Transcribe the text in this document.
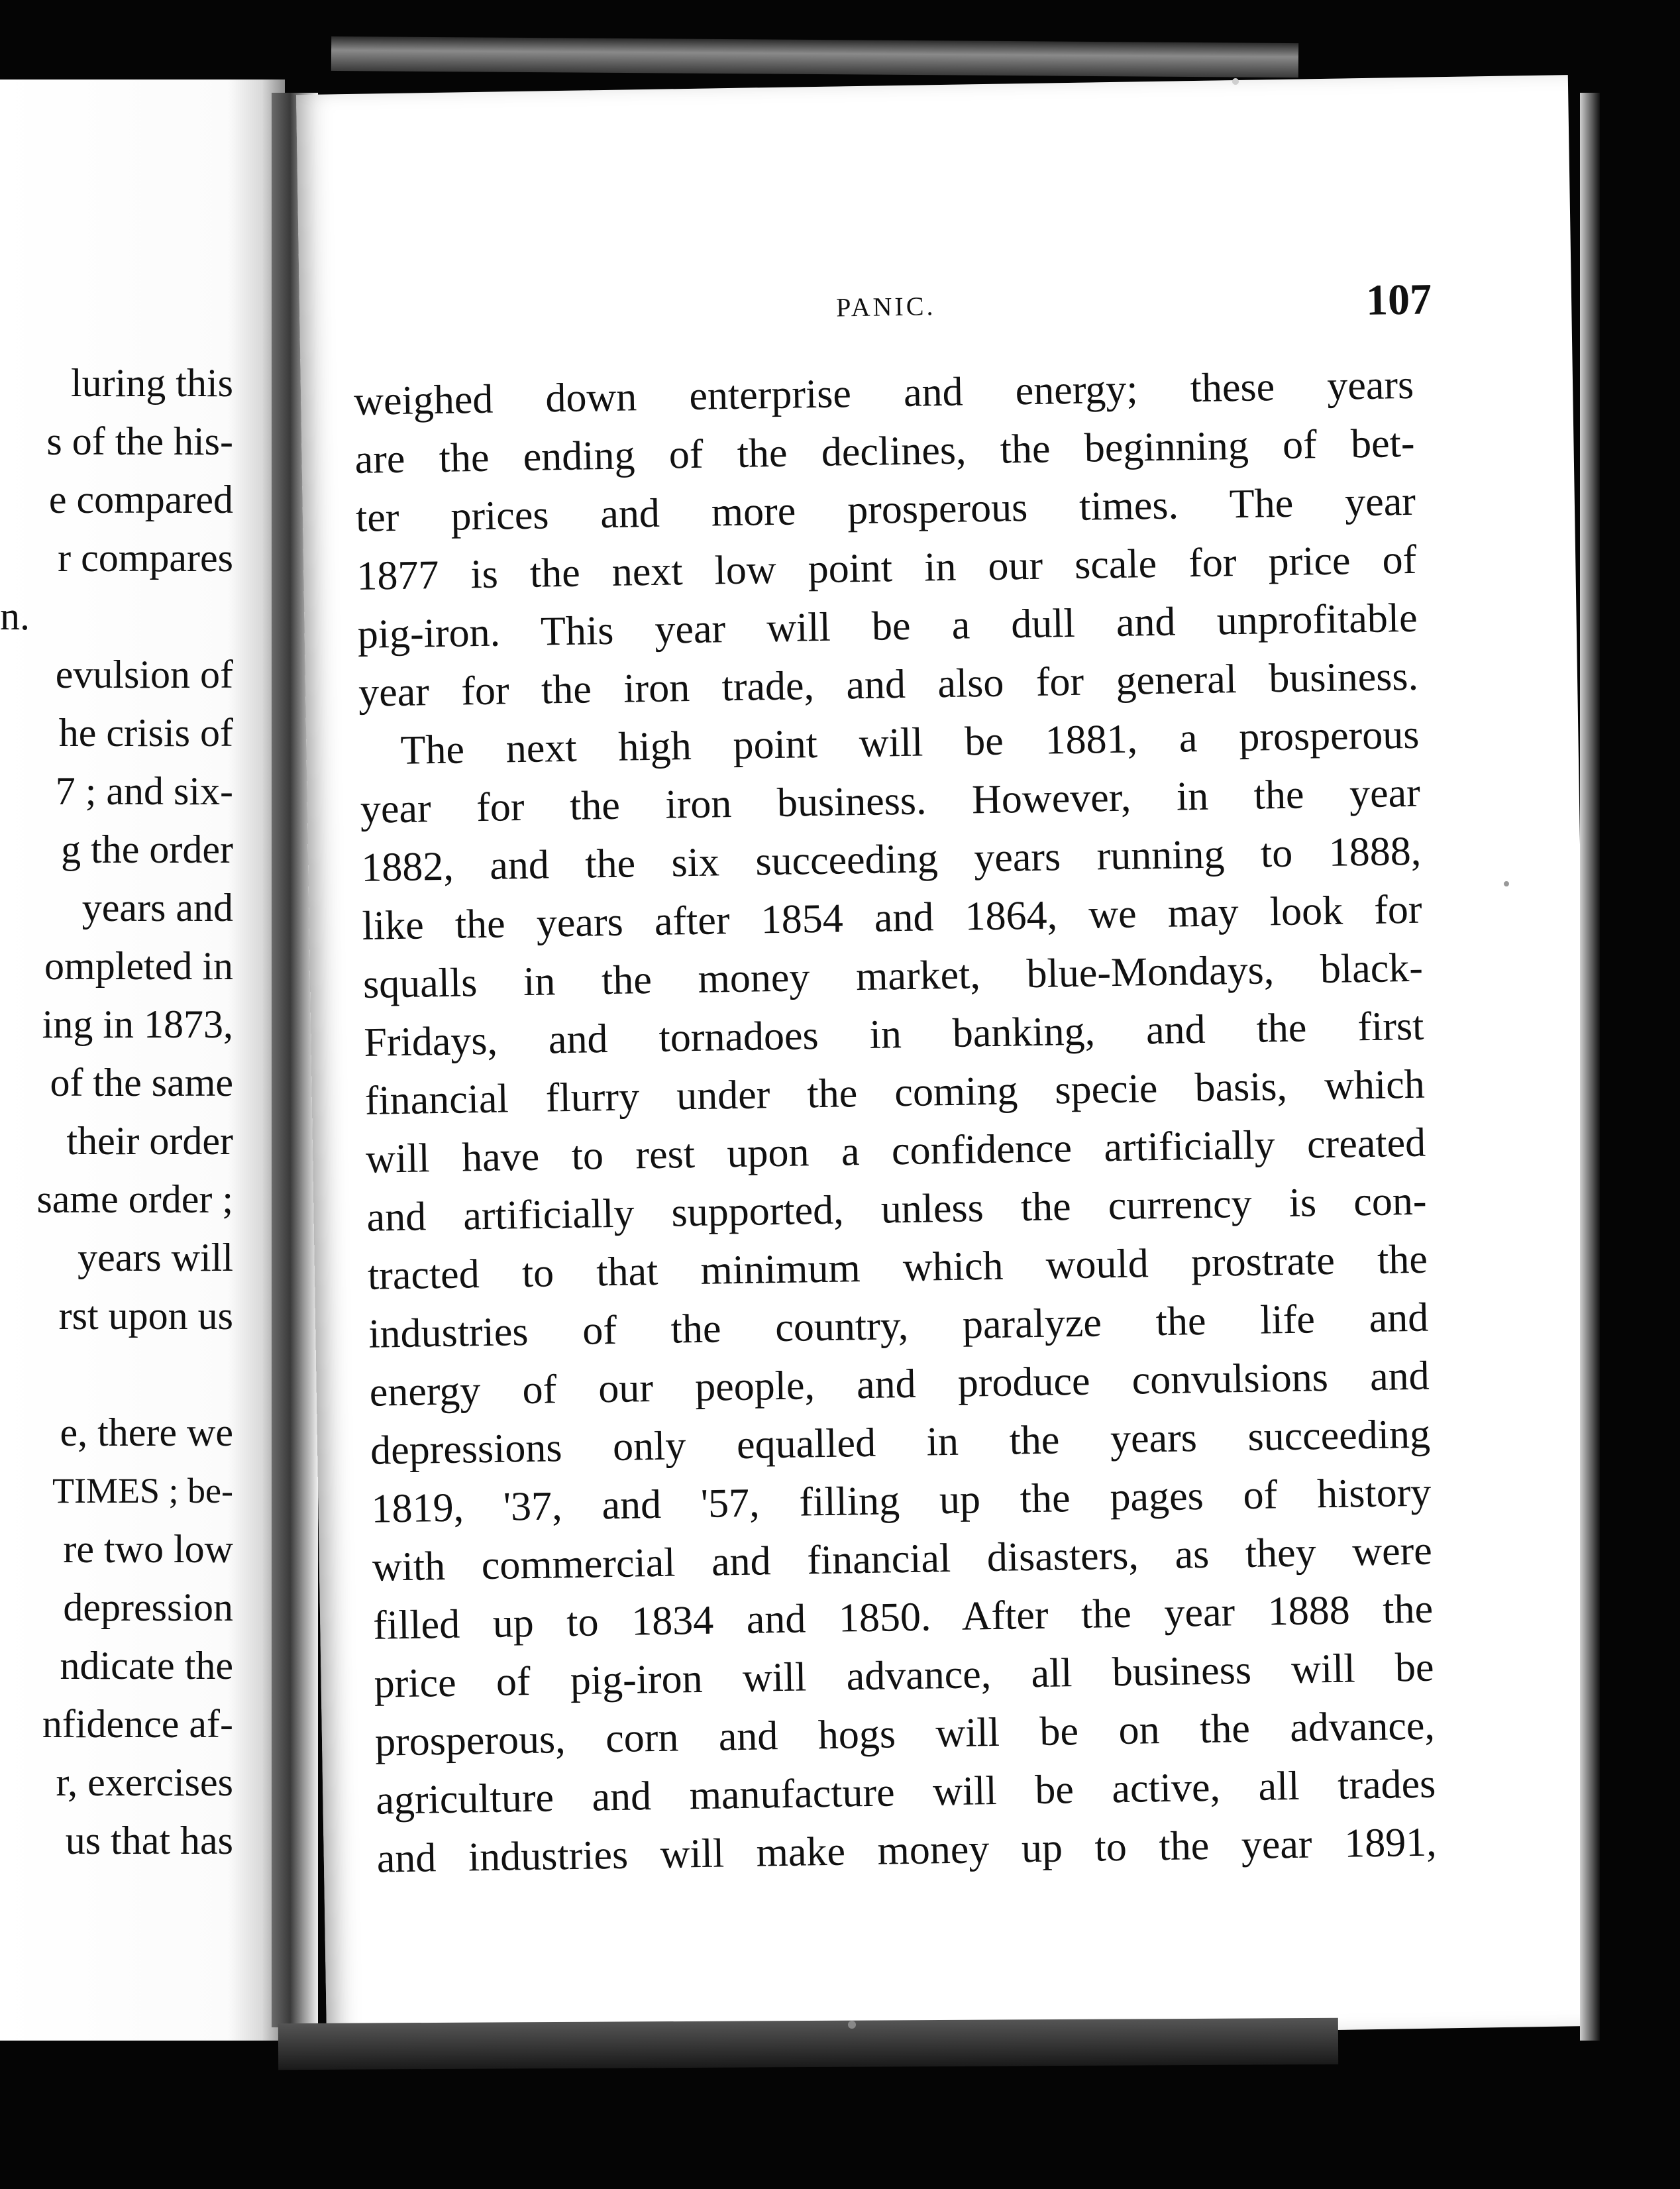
luring this
s of the his-
e compared
r compares
n.
evulsion of
he crisis of
7 ; and six-
g the order
years and
ompleted in
ing in 1873,
of the same
their order
same order ;
years will
rst upon us
e, there we
TIMES ; be-
re two low
depression
ndicate the
nfidence af-
r, exercises
us that has
PANIC.	107
weighed down enterprise and energy; these years
are the ending of the declines, the beginning of bet-
ter prices and more prosperous times. The year
1877 is the next low point in our scale for price of
pig-iron. This year will be a dull and unprofitable
year for the iron trade, and also for general business.
The next high point will be 1881, a prosperous
year for the iron business. However, in the year
1882, and the six succeeding years running to 1888,
like the years after 1854 and 1864, we may look for
squalls in the money market, blue-Mondays, black-
Fridays, and tornadoes in banking, and the first
financial flurry under the coming specie basis, which
will have to rest upon a confidence artificially created
and artificially supported, unless the currency is con-
tracted to that minimum which would prostrate the
industries of the country, paralyze the life and
energy of our people, and produce convulsions and
depressions only equalled in the years succeeding
1819, '37, and '57, filling up the pages of history
with commercial and financial disasters, as they were
filled up to 1834 and 1850. After the year 1888 the
price of pig-iron will advance, all business will be
prosperous, corn and hogs will be on the advance,
agriculture and manufacture will be active, all trades
and industries will make money up to the year 1891,
